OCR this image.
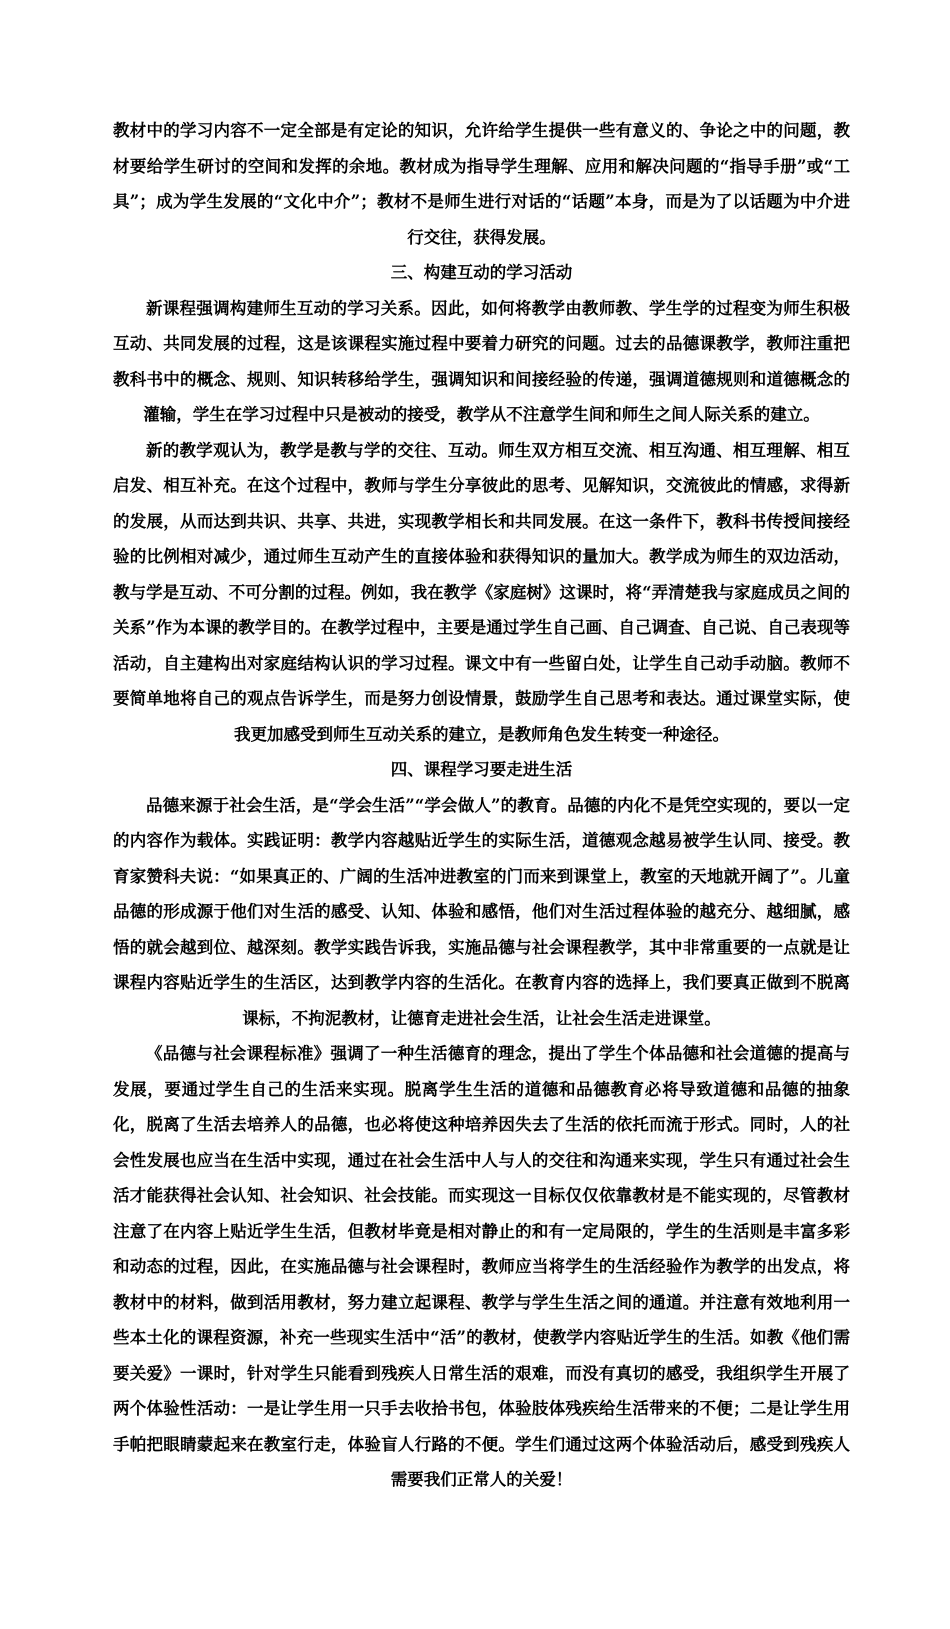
教材中的学习内容不一定全部是有定论的知识，允许给学生提供一些有意义的、争论之中的问题，教材要给学生研讨的空间和发挥的余地。教材成为指导学生理解、应用和解决问题的“指导手册”或“工具”；成为学生发展的“文化中介”；教材不是师生进行对话的“话题”本身，而是为了以话题为中介进行交往，获得发展。

三、构建互动的学习活动

新课程强调构建师生互动的学习关系。因此，如何将教学由教师教、学生学的过程变为师生积极互动、共同发展的过程，这是该课程实施过程中要着力研究的问题。过去的品德课教学，教师注重把教科书中的概念、规则、知识转移给学生，强调知识和间接经验的传递，强调道德规则和道德概念的灌输，学生在学习过程中只是被动的接受，教学从不注意学生间和师生之间人际关系的建立。

新的教学观认为，教学是教与学的交往、互动。师生双方相互交流、相互沟通、相互理解、相互启发、相互补充。在这个过程中，教师与学生分享彼此的思考、见解知识，交流彼此的情感，求得新的发展，从而达到共识、共享、共进，实现教学相长和共同发展。在这一条件下，教科书传授间接经验的比例相对减少，通过师生互动产生的直接体验和获得知识的量加大。教学成为师生的双边活动，教与学是互动、不可分割的过程。例如，我在教学《家庭树》这课时，将“弄清楚我与家庭成员之间的关系”作为本课的教学目的。在教学过程中，主要是通过学生自己画、自己调查、自己说、自己表现等活动，自主建构出对家庭结构认识的学习过程。课文中有一些留白处，让学生自己动手动脑。教师不要简单地将自己的观点告诉学生，而是努力创设情景，鼓励学生自己思考和表达。通过课堂实际，使我更加感受到师生互动关系的建立，是教师角色发生转变一种途径。

四、课程学习要走进生活

品德来源于社会生活，是“学会生活”“学会做人”的教育。品德的内化不是凭空实现的，要以一定的内容作为载体。实践证明：教学内容越贴近学生的实际生活，道德观念越易被学生认同、接受。教育家赞科夫说：“如果真正的、广阔的生活冲进教室的门而来到课堂上，教室的天地就开阔了”。儿童品德的形成源于他们对生活的感受、认知、体验和感悟，他们对生活过程体验的越充分、越细腻，感悟的就会越到位、越深刻。教学实践告诉我，实施品德与社会课程教学，其中非常重要的一点就是让课程内容贴近学生的生活区，达到教学内容的生活化。在教育内容的选择上，我们要真正做到不脱离课标，不拘泥教材，让德育走进社会生活，让社会生活走进课堂。

《品德与社会课程标准》强调了一种生活德育的理念，提出了学生个体品德和社会道德的提高与发展，要通过学生自己的生活来实现。脱离学生生活的道德和品德教育必将导致道德和品德的抽象化，脱离了生活去培养人的品德，也必将使这种培养因失去了生活的依托而流于形式。同时，人的社会性发展也应当在生活中实现，通过在社会生活中人与人的交往和沟通来实现，学生只有通过社会生活才能获得社会认知、社会知识、社会技能。而实现这一目标仅仅依靠教材是不能实现的，尽管教材注意了在内容上贴近学生生活，但教材毕竟是相对静止的和有一定局限的，学生的生活则是丰富多彩和动态的过程，因此，在实施品德与社会课程时，教师应当将学生的生活经验作为教学的出发点，将教材中的材料，做到活用教材，努力建立起课程、教学与学生生活之间的通道。并注意有效地利用一些本土化的课程资源，补充一些现实生活中“活”的教材，使教学内容贴近学生的生活。如教《他们需要关爱》一课时，针对学生只能看到残疾人日常生活的艰难，而没有真切的感受，我组织学生开展了两个体验性活动：一是让学生用一只手去收拾书包，体验肢体残疾给生活带来的不便；二是让学生用手帕把眼睛蒙起来在教室行走，体验盲人行路的不便。学生们通过这两个体验活动后，感受到残疾人需要我们正常人的关爱！
